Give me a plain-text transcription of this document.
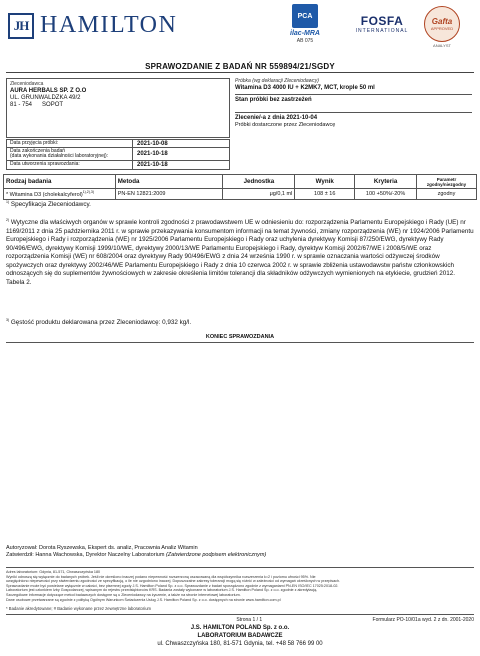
JH HAMILTON	PCA
ilac-MRA
AB 075
FOSFA
INTERNATIONAL
Gafta
APPROVED
ANALYST
SPRAWOZDANIE Z BADAŃ NR 559894/21/SGDY
Zleceniodawca
AURA HERBALS SP. Z O.O
UL. GRUNWALDZKA 49/2
81 - 754      SOPOT
Data przyjęcia próbki:	2021-10-08
Data zakończenia badań
(data wykonania działalności laboratoryjnej):	2021-10-18
Data utworzenia sprawozdania:	2021-10-18
Próbka (wg deklaracji Zleceniodawcy)
Witamina D3 4000 IU + K2MK7, MCT, krople 50 ml
Stan próbki bez zastrzeżeń
Zlecenie/-a z dnia 2021-10-04
Próbki dostarczone przez Zleceniodawcę
Rodzaj badania	Metoda	Jednostka	Wynik	Kryteria	Parametr zgodny/niezgodny
* Witamina D3 (cholekalcyferol)$^{1),2),3)}$	PN-EN 12821:2009	μg/0,1 ml	108 ± 16	100 +50%/-20%	zgodny
$^{1)}$ Specyfikacja Zleceniodawcy.
$^{2)}$ Wytyczne dla właściwych organów w sprawie kontroli zgodności z prawodawstwem UE w odniesieniu do: rozporządzenia Parlamentu Europejskiego i Rady (UE) nr 1169/2011 z dnia 25 października 2011 r. w sprawie przekazywania konsumentom informacji na temat żywności, zmiany rozporządzenia (WE) nr 1924/2006 Parlamentu Europejskiego i Rady i rozporządzenia (WE) nr 1925/2006 Parlamentu Europejskiego i Rady oraz uchylenia dyrektywy Komisji 87/250/EWG, dyrektywy Rady 90/496/EWG, dyrektywy Komisji 1999/10/WE, dyrektywy 2000/13/WE Parlamentu Europejskiego i Rady, dyrektyw Komisji 2002/67/WE i 2008/5/WE oraz rozporządzenia Komisji (WE) nr 608/2004 oraz dyrektywy Rady 90/496/EWG z dnia 24 września 1990 r. w sprawie oznaczania wartości odżywczej środków spożywczych oraz dyrektywy 2002/46/WE Parlamentu Europejskiego i Rady z dnia 10 czerwca 2002 r. w sprawie zbliżenia ustawodawstw państw członkowskich odnoszących się do suplementów żywnościowych w zakresie określenia limitów tolerancji dla składników odżywczych wymienionych na etykiecie, grudzień 2012. Tabela 2.
$^{3)}$ Gęstość produktu deklarowana przez Zleceniodawcę: 0,932 kg/l.
KONIEC SPRAWOZDANIA
Autoryzował: Dorota Ryszewska, Ekspert ds. analiz, Pracownia Analiz Witamin
Zatwierdził: Hanna Wachowska, Dyrektor Naczelny Laboratorium (Zatwierdzone podpisem elektronicznym)
Adres laboratorium: Gdynia, 81-571, Chwaszczyńska 180
Wyniki odnoszą się wyłącznie do badanych próbek. Jeśli nie określono inaczej podano niepewność rozszerzoną oszacowaną dla współczynnika rozszerzenia k=2 i poziomu ufności 95%. Nie
uwzględniono niepewności przy stwierdzeniu zgodności ze specyfikacją, o ile nie uzgodniono inaczej. Dopuszczalne zakresy tolerancji mogą się różnić w zależności od wymagań określonych w przepisach.
Sprawozdanie może być powielane wyłącznie w całości, bez pisemnej zgody J.S. Hamilton Poland Sp. z o.o. Sprawozdanie z badań sporządzono zgodnie z wymaganiami PN-EN ISO/IEC 17025:2018-02.
Laboratorium jest członkiem Izby Gospodarczej, wpisanym do rejestru przedsiębiorców KRS. Badania zostały wykonane w laboratorium J.S. Hamilton Poland Sp. z o.o. zgodnie z akredytacją.
Szczegółowe informacje dotyczące metod badawczych dostępne są u Zleceniodawcy na życzenie, a także na stronie internetowej laboratorium.
Dane osobowe przetwarzane są zgodnie z polityką Ogólnym Warunkom Świadczenia Usług J.S. Hamilton Poland Sp. z o.o. dostępnych na stronie www.hamilton.com.pl
* Badanie akredytowane; # Badanie wykonane przez zewnętrzne laboratorium
Strona 1 / 1	Formularz PO-10/01a wyd. 2 z dn. 2001-2020
J.S. HAMILTON POLAND Sp. z o.o.
LABORATORIUM BADAWCZE
ul. Chwaszczyńska 180, 81-571 Gdynia, tel. +48 58 766 99 00
